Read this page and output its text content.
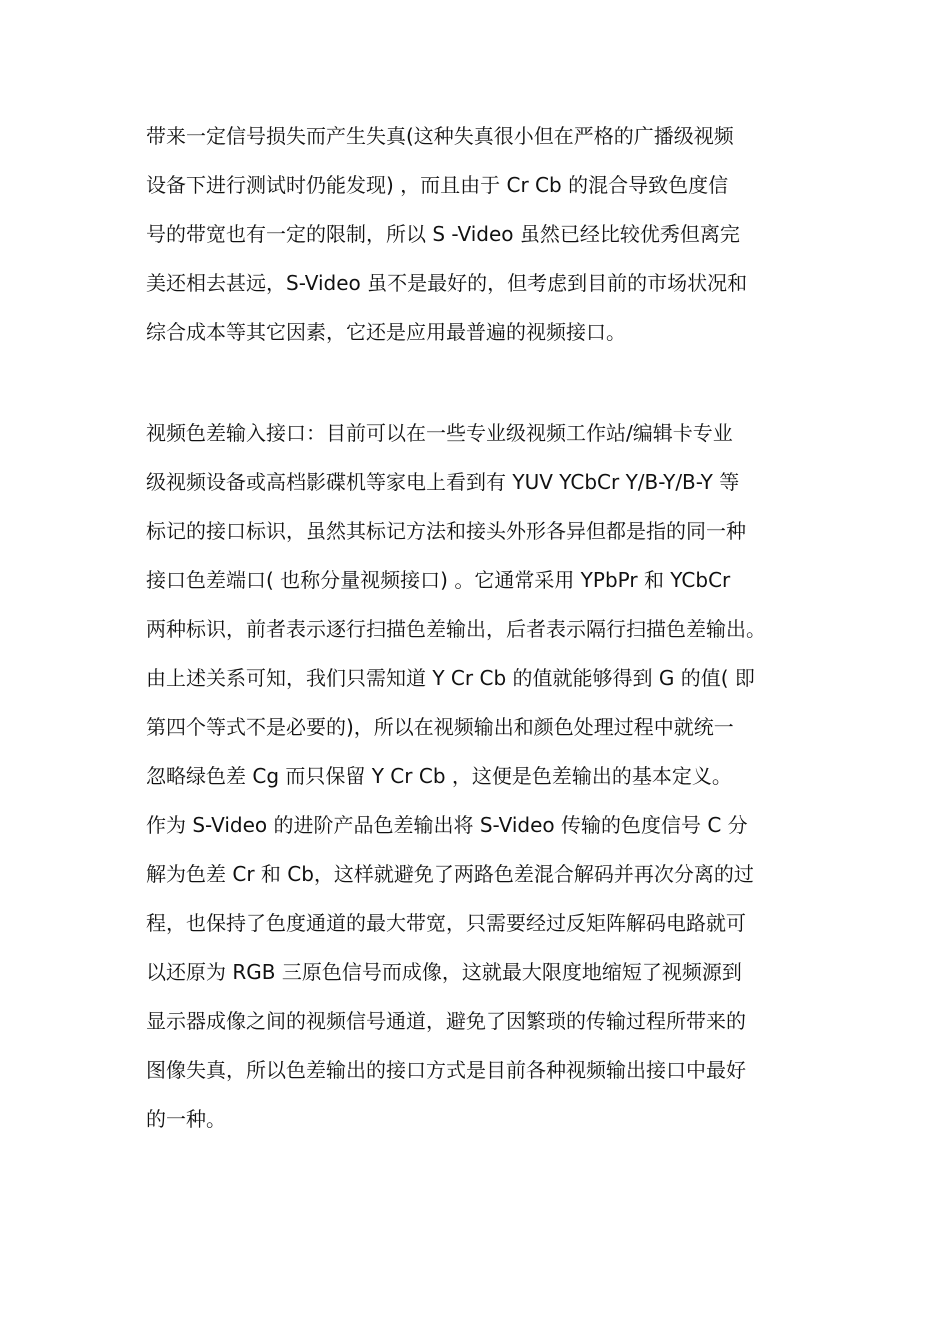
带来一定信号损失而产生失真(这种失真很小但在严格的广播级视频
设备下进行测试时仍能发现) ，而且由于 Cr Cb 的混合导致色度信
号的带宽也有一定的限制，所以 S -Video 虽然已经比较优秀但离完
美还相去甚远，S-Video 虽不是最好的，但考虑到目前的市场状况和
综合成本等其它因素，它还是应用最普遍的视频接口。
视频色差输入接口：目前可以在一些专业级视频工作站/编辑卡专业
级视频设备或高档影碟机等家电上看到有 YUV YCbCr Y/B-Y/B-Y 等
标记的接口标识，虽然其标记方法和接头外形各异但都是指的同一种
接口色差端口( 也称分量视频接口) 。它通常采用 YPbPr 和 YCbCr
两种标识，前者表示逐行扫描色差输出，后者表示隔行扫描色差输出。
由上述关系可知，我们只需知道 Y Cr Cb 的值就能够得到 G 的值( 即
第四个等式不是必要的)，所以在视频输出和颜色处理过程中就统一
忽略绿色差 Cg 而只保留 Y Cr Cb ，这便是色差输出的基本定义。
作为 S-Video 的进阶产品色差输出将 S-Video 传输的色度信号 C 分
解为色差 Cr 和 Cb，这样就避免了两路色差混合解码并再次分离的过
程，也保持了色度通道的最大带宽，只需要经过反矩阵解码电路就可
以还原为 RGB 三原色信号而成像，这就最大限度地缩短了视频源到
显示器成像之间的视频信号通道，避免了因繁琐的传输过程所带来的
图像失真，所以色差输出的接口方式是目前各种视频输出接口中最好
的一种。
